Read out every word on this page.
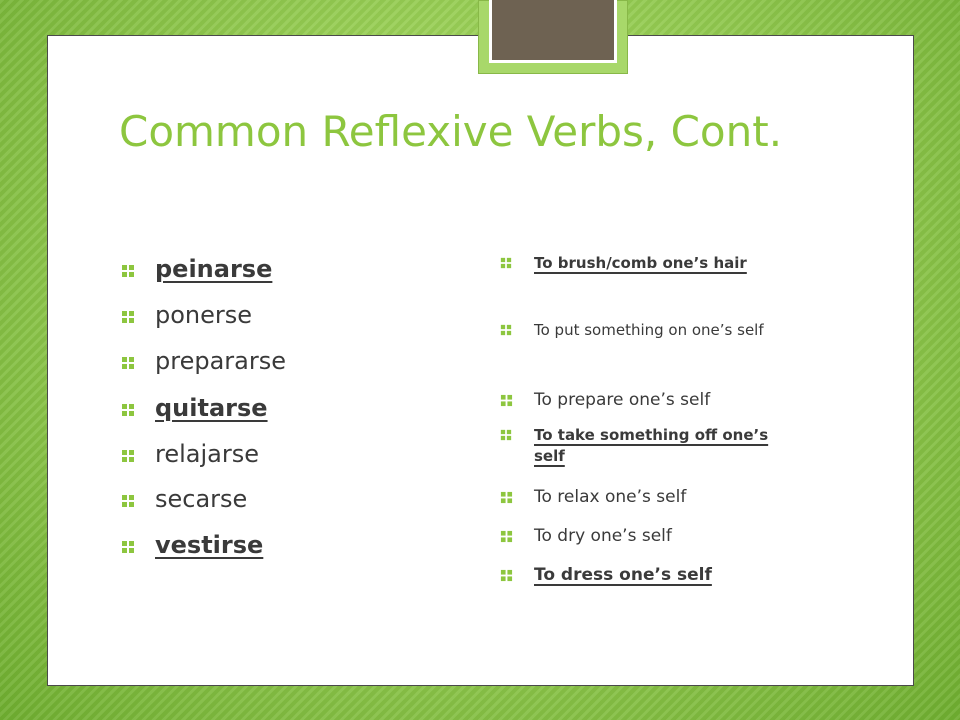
Common Reflexive Verbs, Cont.
peinarse
ponerse
prepararse
quitarse
relajarse
secarse
vestirse
To brush/comb one’s hair
To put something on one’s self
To prepare one’s self
To take something off one’s self
To relax one’s self
To dry one’s self
To dress one’s self
